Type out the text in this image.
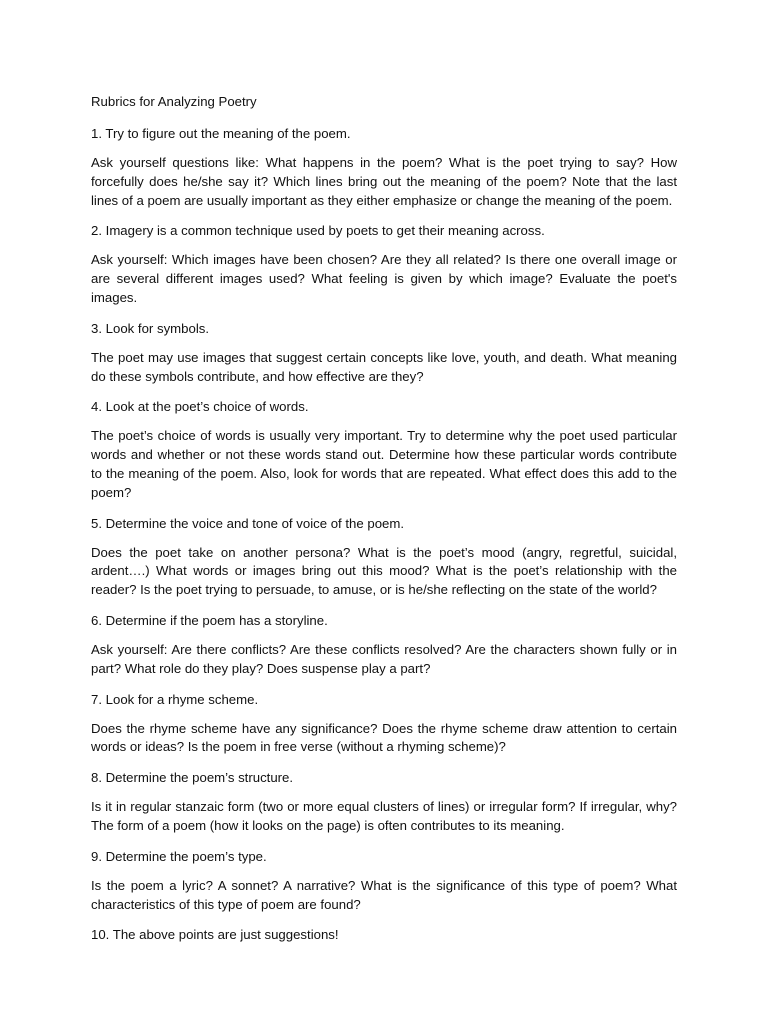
Rubrics for Analyzing Poetry

1. Try to figure out the meaning of the poem.

Ask yourself questions like: What happens in the poem? What is the poet trying to say? How forcefully does he/she say it? Which lines bring out the meaning of the poem? Note that the last lines of a poem are usually important as they either emphasize or change the meaning of the poem.

2. Imagery is a common technique used by poets to get their meaning across.

Ask yourself: Which images have been chosen? Are they all related? Is there one overall image or are several different images used? What feeling is given by which image? Evaluate the poet's images.

3. Look for symbols.

The poet may use images that suggest certain concepts like love, youth, and death. What meaning do these symbols contribute, and how effective are they?

4. Look at the poet’s choice of words.

The poet’s choice of words is usually very important. Try to determine why the poet used particular words and whether or not these words stand out. Determine how these particular words contribute to the meaning of the poem. Also, look for words that are repeated. What effect does this add to the poem?

5. Determine the voice and tone of voice of the poem.

Does the poet take on another persona? What is the poet’s mood (angry, regretful, suicidal, ardent….) What words or images bring out this mood? What is the poet’s relationship with the reader? Is the poet trying to persuade, to amuse, or is he/she reflecting on the state of the world?

6. Determine if the poem has a storyline.

Ask yourself: Are there conflicts? Are these conflicts resolved? Are the characters shown fully or in part? What role do they play? Does suspense play a part?

7. Look for a rhyme scheme.

Does the rhyme scheme have any significance? Does the rhyme scheme draw attention to certain words or ideas? Is the poem in free verse (without a rhyming scheme)?

8. Determine the poem’s structure.

Is it in regular stanzaic form (two or more equal clusters of lines) or irregular form? If irregular, why? The form of a poem (how it looks on the page) is often contributes to its meaning.

9. Determine the poem’s type.

Is the poem a lyric? A sonnet? A narrative? What is the significance of this type of poem? What characteristics of this type of poem are found?

10. The above points are just suggestions!
